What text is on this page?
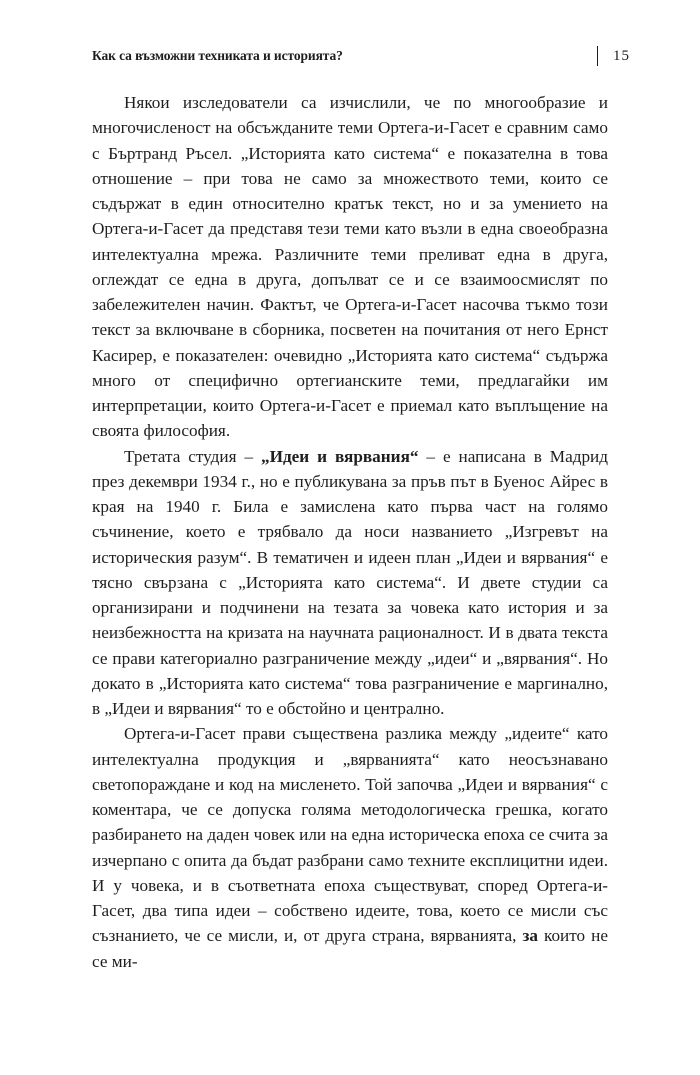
Как са възможни техниката и историята?	15

Някои изследователи са изчислили, че по многообразие и многочисленост на обсъжданите теми Ортега-и-Гасет е сравним само с Бъртранд Ръсел. „Историята като система“ е показателна в това отношение – при това не само за множеството теми, които се съдържат в един относително кратък текст, но и за умението на Ортега-и-Гасет да представя тези теми като възли в една своеобразна интелектуална мрежа. Различните теми преливат една в друга, оглеждат се една в друга, допълват се и се взаимоосмислят по забележителен начин. Фактът, че Ортега-и-Гасет насочва тъкмо този текст за включване в сборника, посветен на почитания от него Ернст Касирер, е показателен: очевидно „Историята като система“ съдържа много от специфично ортегианските теми, предлагайки им интерпретации, които Ортега-и-Гасет е приемал като въплъщение на своята философия.

Третата студия – „Идеи и вярвания“ – е написана в Мадрид през декември 1934 г., но е публикувана за пръв път в Буенос Айрес в края на 1940 г. Била е замислена като първа част на голямо съчинение, което е трябвало да носи названието „Изгревът на историческия разум“. В тематичен и идеен план „Идеи и вярвания“ е тясно свързана с „Историята като система“. И двете студии са организирани и подчинени на тезата за човека като история и за неизбежността на кризата на научната рационалност. И в двата текста се прави категориално разграничение между „идеи“ и „вярвания“. Но докато в „Историята като система“ това разграничение е маргинално, в „Идеи и вярвания“ то е обстойно и централно.

Ортега-и-Гасет прави съществена разлика между „идеите“ като интелектуална продукция и „вярванията“ като неосъзнавано светопораждане и код на мисленето. Той започва „Идеи и вярвания“ с коментара, че се допуска голяма методологическа грешка, когато разбирането на даден човек или на една историческа епоха се счита за изчерпано с опита да бъдат разбрани само техните експлицитни идеи. И у човека, и в съответната епоха съществуват, според Ортега-и-Гасет, два типа идеи – собствено идеите, това, което се мисли със съзнанието, че се мисли, и, от друга страна, вярванията, за които не се ми-
